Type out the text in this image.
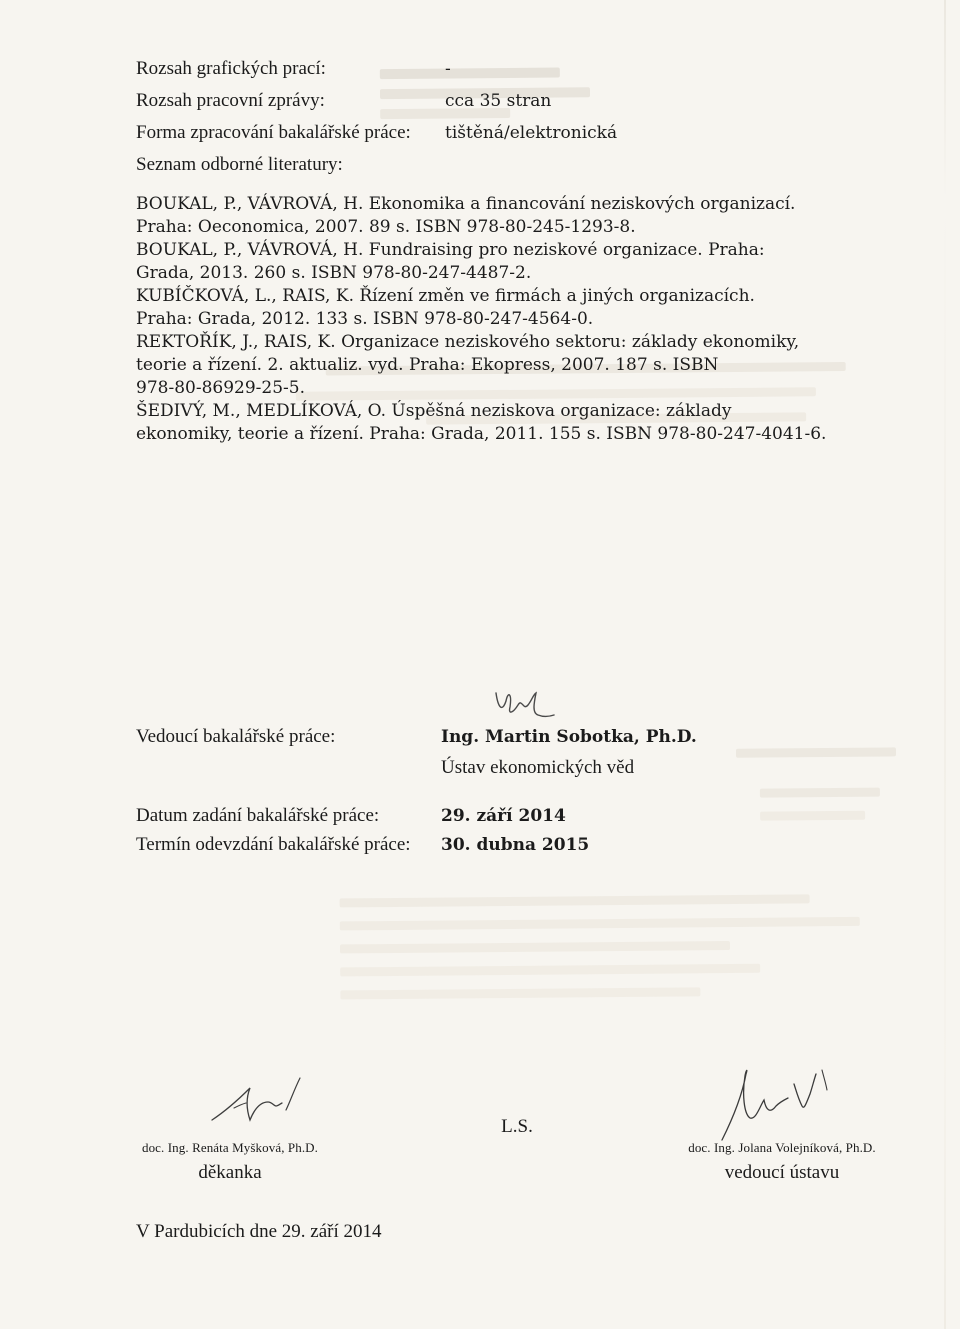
Rozsah grafických prací:	-
Rozsah pracovní zprávy:	cca 35 stran
Forma zpracování bakalářské práce:	tištěná/elektronická
Seznam odborné literatury:
BOUKAL, P., VÁVROVÁ, H. Ekonomika a financování neziskových organizací.
Praha: Oeconomica, 2007. 89 s. ISBN 978-80-245-1293-8.
BOUKAL, P., VÁVROVÁ, H. Fundraising pro neziskové organizace. Praha:
Grada, 2013. 260 s. ISBN 978-80-247-4487-2.
KUBÍČKOVÁ, L., RAIS, K. Řízení změn ve firmách a jiných organizacích.
Praha: Grada, 2012. 133 s. ISBN 978-80-247-4564-0.
REKTOŘÍK, J., RAIS, K. Organizace neziskového sektoru: základy ekonomiky,
teorie a řízení. 2. aktualiz. vyd. Praha: Ekopress, 2007. 187 s. ISBN
978-80-86929-25-5.
ŠEDIVÝ, M., MEDLÍKOVÁ, O. Úspěšná neziskova organizace: základy
ekonomiky, teorie a řízení. Praha: Grada, 2011. 155 s. ISBN 978-80-247-4041-6.
Vedoucí bakalářské práce:	Ing. Martin Sobotka, Ph.D.
Ústav ekonomických věd
Datum zadání bakalářské práce:	29. září 2014
Termín odevzdání bakalářské práce:	30. dubna 2015
doc. Ing. Renáta Myšková, Ph.D.
děkanka
L.S.
doc. Ing. Jolana Volejníková, Ph.D.
vedoucí ústavu
V Pardubicích dne 29. září 2014
